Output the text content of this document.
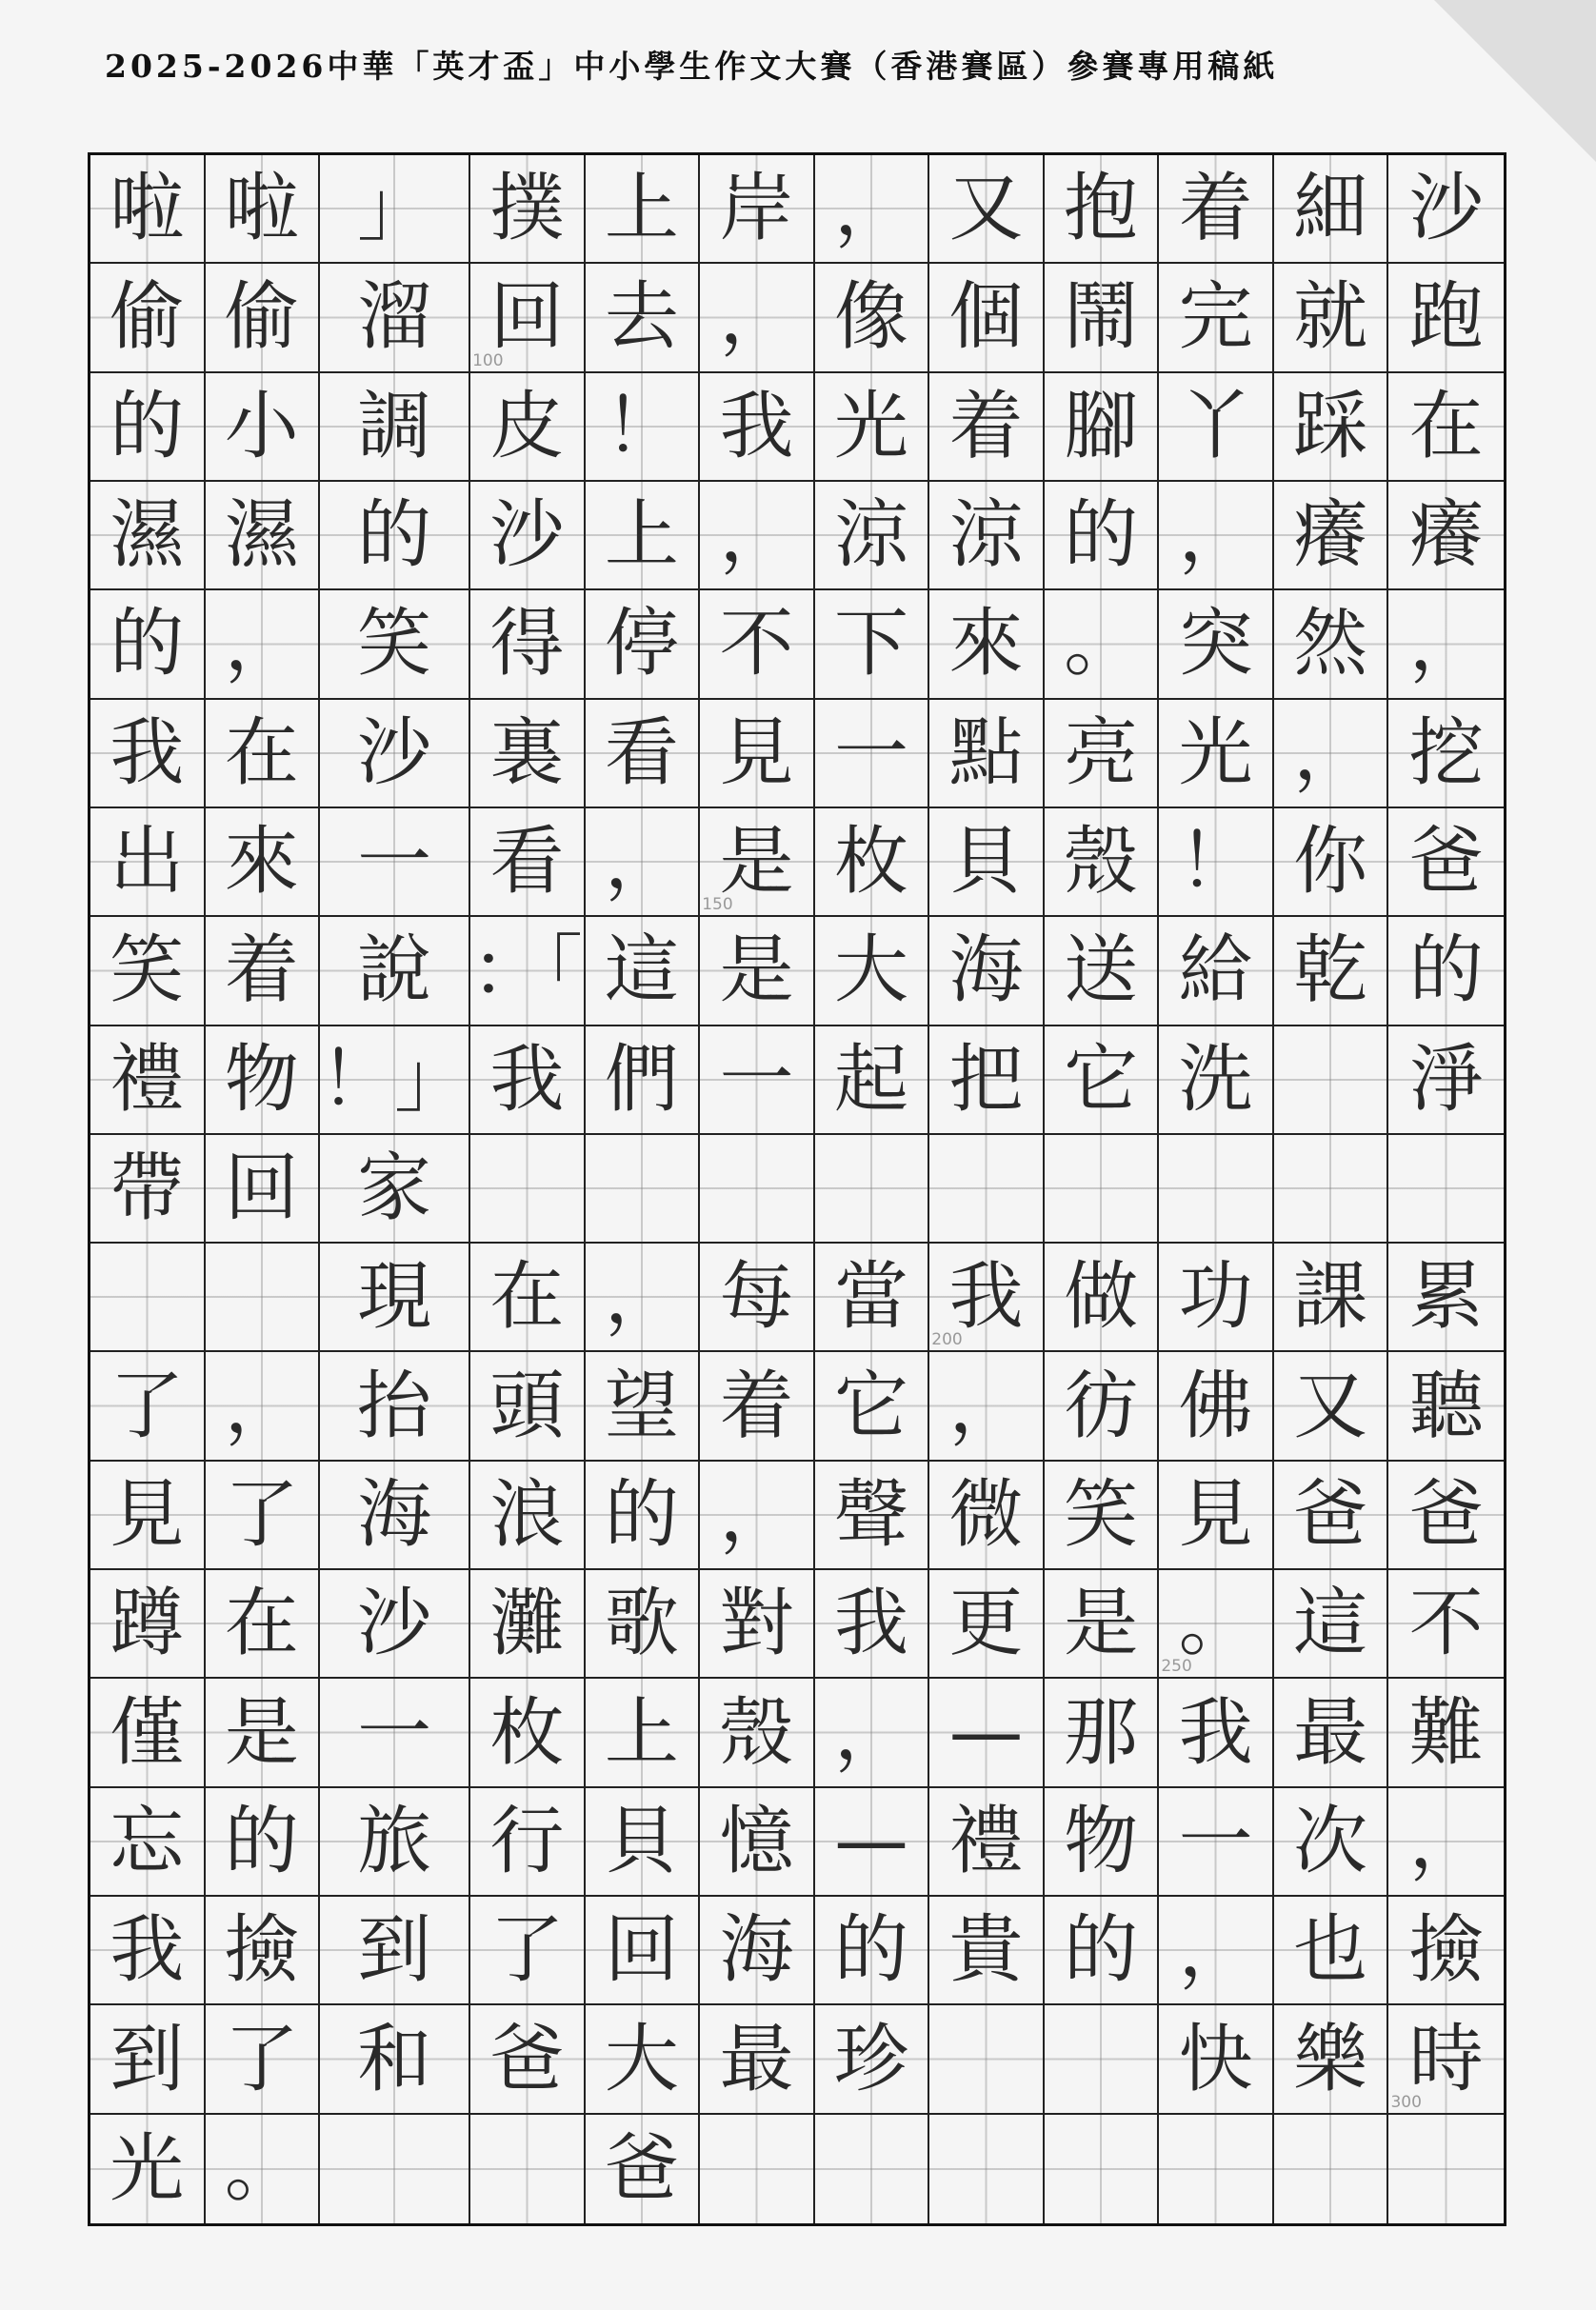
2025-2026中華「英才盃」中小學生作文大賽（香港賽區）參賽專用稿紙
啦 啦 」 撲 上 岸 ， 又 抱 着 細 沙
偷 偷 溜 回
100
去 ， 像 個 鬧 完 就 跑
的 小 調 皮 ！ 我 光 着 腳 丫 踩 在
濕 濕 的 沙 上 ， 涼 涼 的 ， 癢 癢
的 ， 笑 得 停 不 下 來 。 突 然 ，
我 在 沙 裏 看 見 一 點 亮 光 ， 挖
出 來 一 看 ， 是
150
枚 貝 殼 ！ 你 爸
笑 着 說 ：「 這 是 大 海 送 給 乾 的
禮 物 ！」 我 們 一 起 把 它 洗 淨
帶 回 家
現 在 ， 每 當 我
200
做 功 課 累
了 ， 抬 頭 望 着 它 ， 彷 佛 又 聽
見 了 海 浪 的 ， 聲 微 笑 見 爸 爸
蹲 在 沙 灘 歌 對 我 更 是 。
250
這 不
僅 是 一 枚 上 殼 ， — 那 我 最 難
忘 的 旅 行 貝 憶 — 禮 物 一 次 ，
我 撿 到 了 回 海 的 貴 的 ， 也 撿
到 了 和 爸 大 最 珍	快 樂 時
300
光 。	爸
